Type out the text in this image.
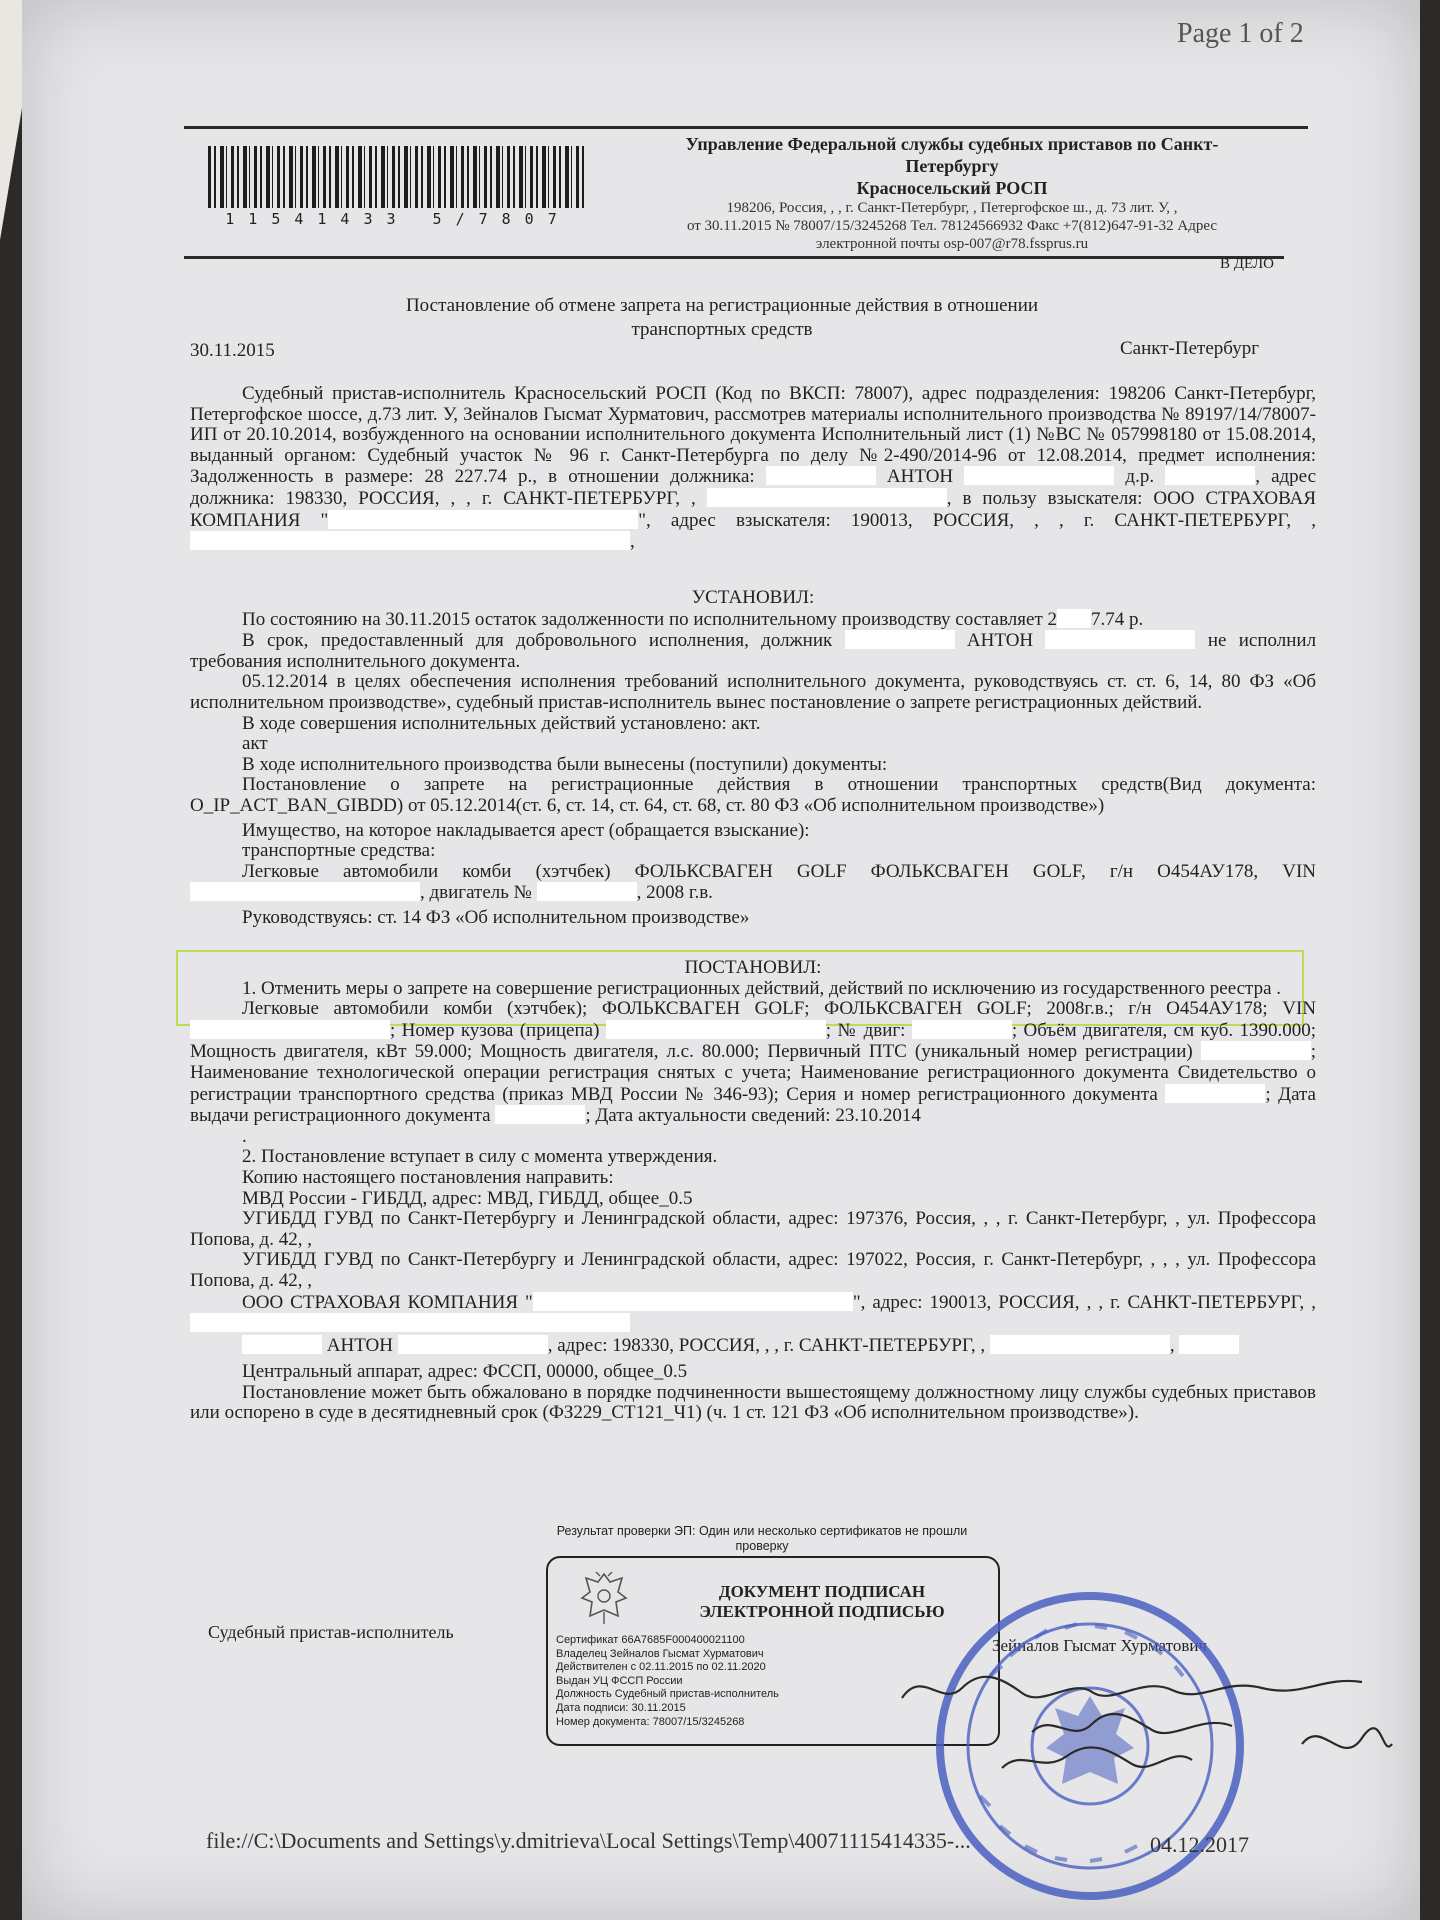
Page 1 of 2
11541433 5/7807
Управление Федеральной службы судебных приставов по Санкт-
Петербургу
Красносельский РОСП
198206, Россия, , , г. Санкт-Петербург, , Петергофское ш., д. 73 лит. У, ,
от 30.11.2015 № 78007/15/3245268 Тел. 78124566932 Факс +7(812)647-91-32 Адрес
электронной почты osp-007@r78.fssprus.ru
В ДЕЛО
Постановление об отмене запрета на регистрационные действия в отношении
транспортных средств
30.11.2015	Санкт-Петербург
Судебный пристав-исполнитель Красносельский РОСП (Код по ВКСП: 78007), адрес подразделения: 198206 Санкт-Петербург, Петергофское шоссе, д.73 лит. У, Зейналов Гысмат Хурматович, рассмотрев материалы исполнительного производства № 89197/14/78007-ИП от 20.10.2014, возбужденного на основании исполнительного документа Исполнительный лист (1) №ВС № 057998180 от 15.08.2014, выданный органом: Судебный участок № 96 г. Санкт-Петербурга по делу №2-490/2014-96 от 12.08.2014, предмет исполнения: Задолженность в размере: 28 227.74 р., в отношении должника:	АНТОН	д.р.	, адрес должника: 198330, РОССИЯ, , , г. САНКТ-ПЕТЕРБУРГ, ,	, в пользу взыскателя: ООО СТРАХОВАЯ КОМПАНИЯ "	", адрес взыскателя: 190013, РОССИЯ, , , г. САНКТ-ПЕТЕРБУРГ, , ,
УСТАНОВИЛ:
По состоянию на 30.11.2015 остаток задолженности по исполнительному производству составляет 2 7.74 р.
В срок, предоставленный для добровольного исполнения, должник	АНТОН	не исполнил требования исполнительного документа.
05.12.2014 в целях обеспечения исполнения требований исполнительного документа, руководствуясь ст. ст. 6, 14, 80 ФЗ «Об исполнительном производстве», судебный пристав-исполнитель вынес постановление о запрете регистрационных действий.
В ходе совершения исполнительных действий установлено: акт.
акт
В ходе исполнительного производства были вынесены (поступили) документы:
Постановление о запрете на регистрационные действия в отношении транспортных средств(Вид документа: O_IP_ACT_BAN_GIBDD) от 05.12.2014(ст. 6, ст. 14, ст. 64, ст. 68, ст. 80 ФЗ «Об исполнительном производстве»)
Имущество, на которое накладывается арест (обращается взыскание):
транспортные средства:
Легковые автомобили комби (хэтчбек) ФОЛЬКСВАГЕН GOLF ФОЛЬКСВАГЕН GOLF, г/н О454АУ178, VIN , двигатель №	, 2008 г.в.
Руководствуясь: ст. 14 ФЗ «Об исполнительном производстве»
ПОСТАНОВИЛ:
1. Отменить меры о запрете на совершение регистрационных действий, действий по исключению из государственного реестра .
Легковые автомобили комби (хэтчбек); ФОЛЬКСВАГЕН GOLF; ФОЛЬКСВАГЕН GOLF; 2008г.в.; г/н О454АУ178; VIN ; Номер кузова (прицепа)	; № двиг:	; Объём двигателя, см куб. 1390.000; Мощность двигателя, кВт 59.000; Мощность двигателя, л.с. 80.000; Первичный ПТС (уникальный номер регистрации)	; Наименование технологической операции регистрация снятых с учета; Наименование регистрационного документа Свидетельство о регистрации транспортного средства (приказ МВД России № 346-93); Серия и номер регистрационного документа	; Дата выдачи регистрационного документа	; Дата актуальности сведений: 23.10.2014
.
2. Постановление вступает в силу с момента утверждения.
Копию настоящего постановления направить:
МВД России - ГИБДД, адрес: МВД, ГИБДД, общее_0.5
УГИБДД ГУВД по Санкт-Петербургу и Ленинградской области, адрес: 197376, Россия, , , г. Санкт-Петербург, , ул. Профессора Попова, д. 42, ,
УГИБДД ГУВД по Санкт-Петербургу и Ленинградской области, адрес: 197022, Россия, г. Санкт-Петербург, , , , ул. Профессора Попова, д. 42, ,
ООО СТРАХОВАЯ КОМПАНИЯ "	", адрес: 190013, РОССИЯ, , , г. САНКТ-ПЕТЕРБУРГ, ,
АНТОН	, адрес: 198330, РОССИЯ, , , г. САНКТ-ПЕТЕРБУРГ, ,	,
Центральный аппарат, адрес: ФССП, 00000, общее_0.5
Постановление может быть обжаловано в порядке подчиненности вышестоящему должностному лицу службы судебных приставов или оспорено в суде в десятидневный срок (ФЗ229_СТ121_Ч1) (ч. 1 ст. 121 ФЗ «Об исполнительном производстве»).
Результат проверки ЭП: Один или несколько сертификатов не прошли проверку
ДОКУМЕНТ ПОДПИСАН
ЭЛЕКТРОННОЙ ПОДПИСЬЮ
Сертификат 66A7685F000400021100
Владелец Зейналов Гысмат Хурматович
Действителен с 02.11.2015 по 02.11.2020
Выдан УЦ ФССП России
Должность Судебный пристав-исполнитель
Дата подписи: 30.11.2015
Номер документа: 78007/15/3245268
Судебный пристав-исполнитель
Зейналов Гысмат Хурматович
file://C:\Documents and Settings\y.dmitrieva\Local Settings\Temp\40071115414335-...	04.12.2017
